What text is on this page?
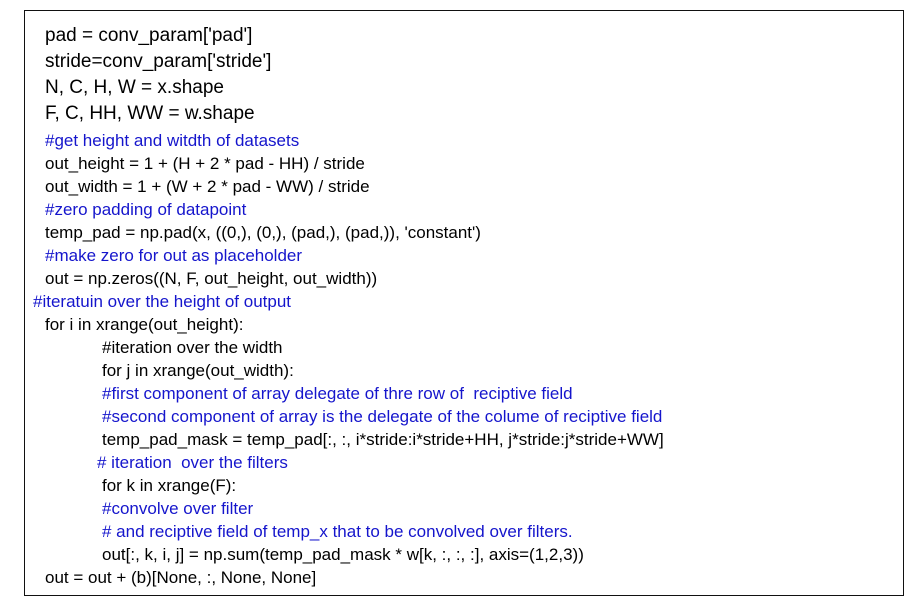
pad = conv_param['pad']
stride=conv_param['stride']
N, C, H, W = x.shape
F, C, HH, WW = w.shape
#get height and witdth of datasets
out_height = 1 + (H + 2 * pad - HH) / stride
out_width = 1 + (W + 2 * pad - WW) / stride
#zero padding of datapoint
temp_pad = np.pad(x, ((0,), (0,), (pad,), (pad,)), 'constant')
#make zero for out as placeholder
out = np.zeros((N, F, out_height, out_width))
#iteratuin over the height of output
for i in xrange(out_height):
#iteration over the width
for j in xrange(out_width):
#first component of array delegate of thre row of  reciptive field
#second component of array is the delegate of the colume of reciptive field
temp_pad_mask = temp_pad[:, :, i*stride:i*stride+HH, j*stride:j*stride+WW]
# iteration  over the filters
for k in xrange(F):
#convolve over filter
# and reciptive field of temp_x that to be convolved over filters.
out[:, k, i, j] = np.sum(temp_pad_mask * w[k, :, :, :], axis=(1,2,3))
out = out + (b)[None, :, None, None]
